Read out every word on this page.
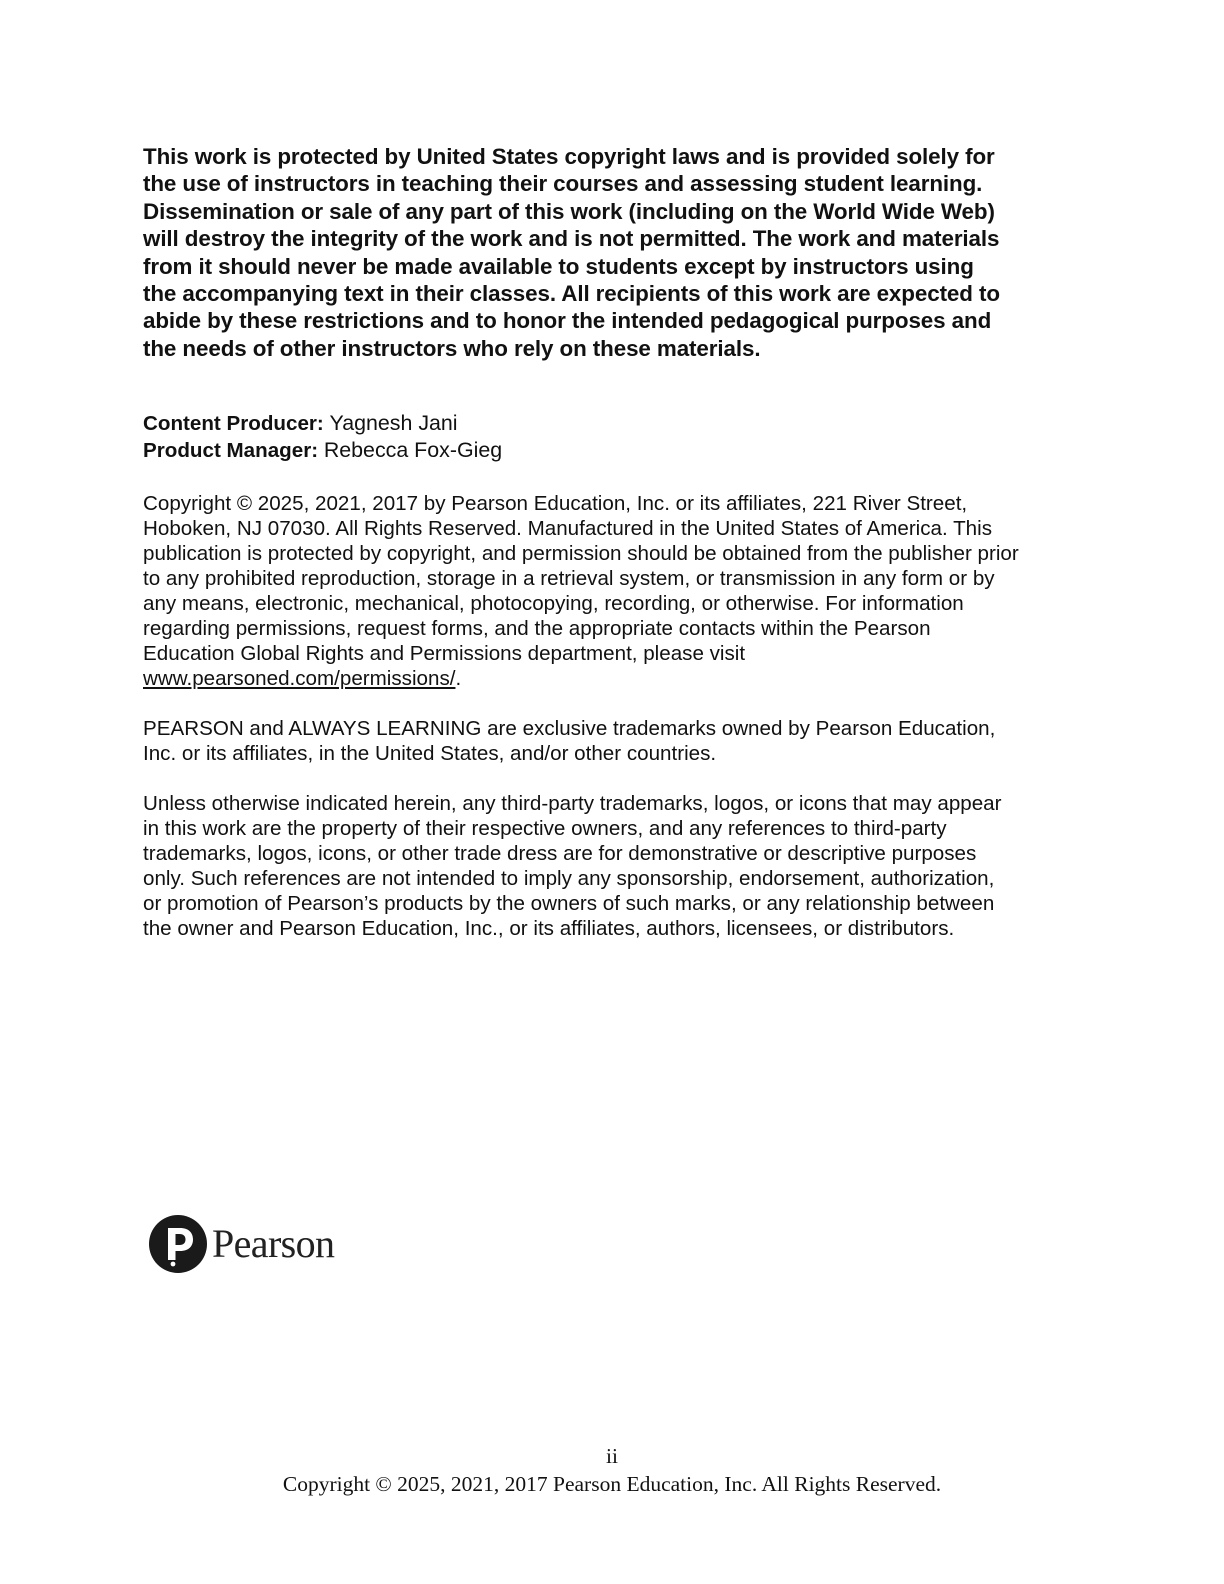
This work is protected by United States copyright laws and is provided solely for
the use of instructors in teaching their courses and assessing student learning.
Dissemination or sale of any part of this work (including on the World Wide Web)
will destroy the integrity of the work and is not permitted. The work and materials
from it should never be made available to students except by instructors using
the accompanying text in their classes. All recipients of this work are expected to
abide by these restrictions and to honor the intended pedagogical purposes and
the needs of other instructors who rely on these materials.
Content Producer: Yagnesh Jani
Product Manager: Rebecca Fox-Gieg
Copyright © 2025, 2021, 2017 by Pearson Education, Inc. or its affiliates, 221 River Street,
Hoboken, NJ 07030. All Rights Reserved. Manufactured in the United States of America. This
publication is protected by copyright, and permission should be obtained from the publisher prior
to any prohibited reproduction, storage in a retrieval system, or transmission in any form or by
any means, electronic, mechanical, photocopying, recording, or otherwise. For information
regarding permissions, request forms, and the appropriate contacts within the Pearson
Education Global Rights and Permissions department, please visit
www.pearsoned.com/permissions/.
PEARSON and ALWAYS LEARNING are exclusive trademarks owned by Pearson Education,
Inc. or its affiliates, in the United States, and/or other countries.
Unless otherwise indicated herein, any third-party trademarks, logos, or icons that may appear
in this work are the property of their respective owners, and any references to third-party
trademarks, logos, icons, or other trade dress are for demonstrative or descriptive purposes
only. Such references are not intended to imply any sponsorship, endorsement, authorization,
or promotion of Pearson’s products by the owners of such marks, or any relationship between
the owner and Pearson Education, Inc., or its affiliates, authors, licensees, or distributors.
Pearson
ii
Copyright © 2025, 2021, 2017 Pearson Education, Inc. All Rights Reserved.
